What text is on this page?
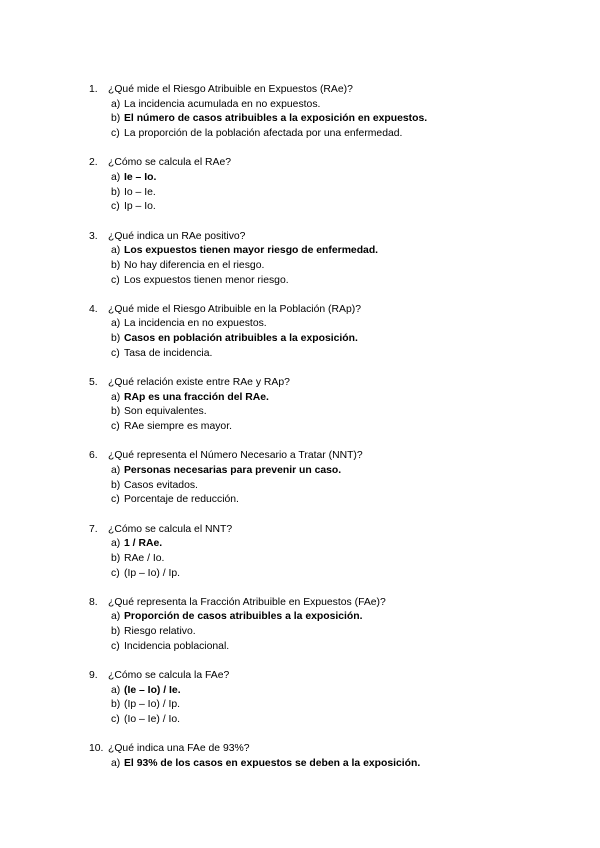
1. ¿Qué mide el Riesgo Atribuible en Expuestos (RAe)?
a) La incidencia acumulada en no expuestos.
b) El número de casos atribuibles a la exposición en expuestos.
c) La proporción de la población afectada por una enfermedad.
2. ¿Cómo se calcula el RAe?
a) Ie – Io.
b) Io – Ie.
c) Ip – Io.
3. ¿Qué indica un RAe positivo?
a) Los expuestos tienen mayor riesgo de enfermedad.
b) No hay diferencia en el riesgo.
c) Los expuestos tienen menor riesgo.
4. ¿Qué mide el Riesgo Atribuible en la Población (RAp)?
a) La incidencia en no expuestos.
b) Casos en población atribuibles a la exposición.
c) Tasa de incidencia.
5. ¿Qué relación existe entre RAe y RAp?
a) RAp es una fracción del RAe.
b) Son equivalentes.
c) RAe siempre es mayor.
6. ¿Qué representa el Número Necesario a Tratar (NNT)?
a) Personas necesarias para prevenir un caso.
b) Casos evitados.
c) Porcentaje de reducción.
7. ¿Cómo se calcula el NNT?
a) 1 / RAe.
b) RAe / Io.
c) (Ip – Io) / Ip.
8. ¿Qué representa la Fracción Atribuible en Expuestos (FAe)?
a) Proporción de casos atribuibles a la exposición.
b) Riesgo relativo.
c) Incidencia poblacional.
9. ¿Cómo se calcula la FAe?
a) (Ie – Io) / Ie.
b) (Ip – Io) / Ip.
c) (Io – Ie) / Io.
10. ¿Qué indica una FAe de 93%?
a) El 93% de los casos en expuestos se deben a la exposición.
